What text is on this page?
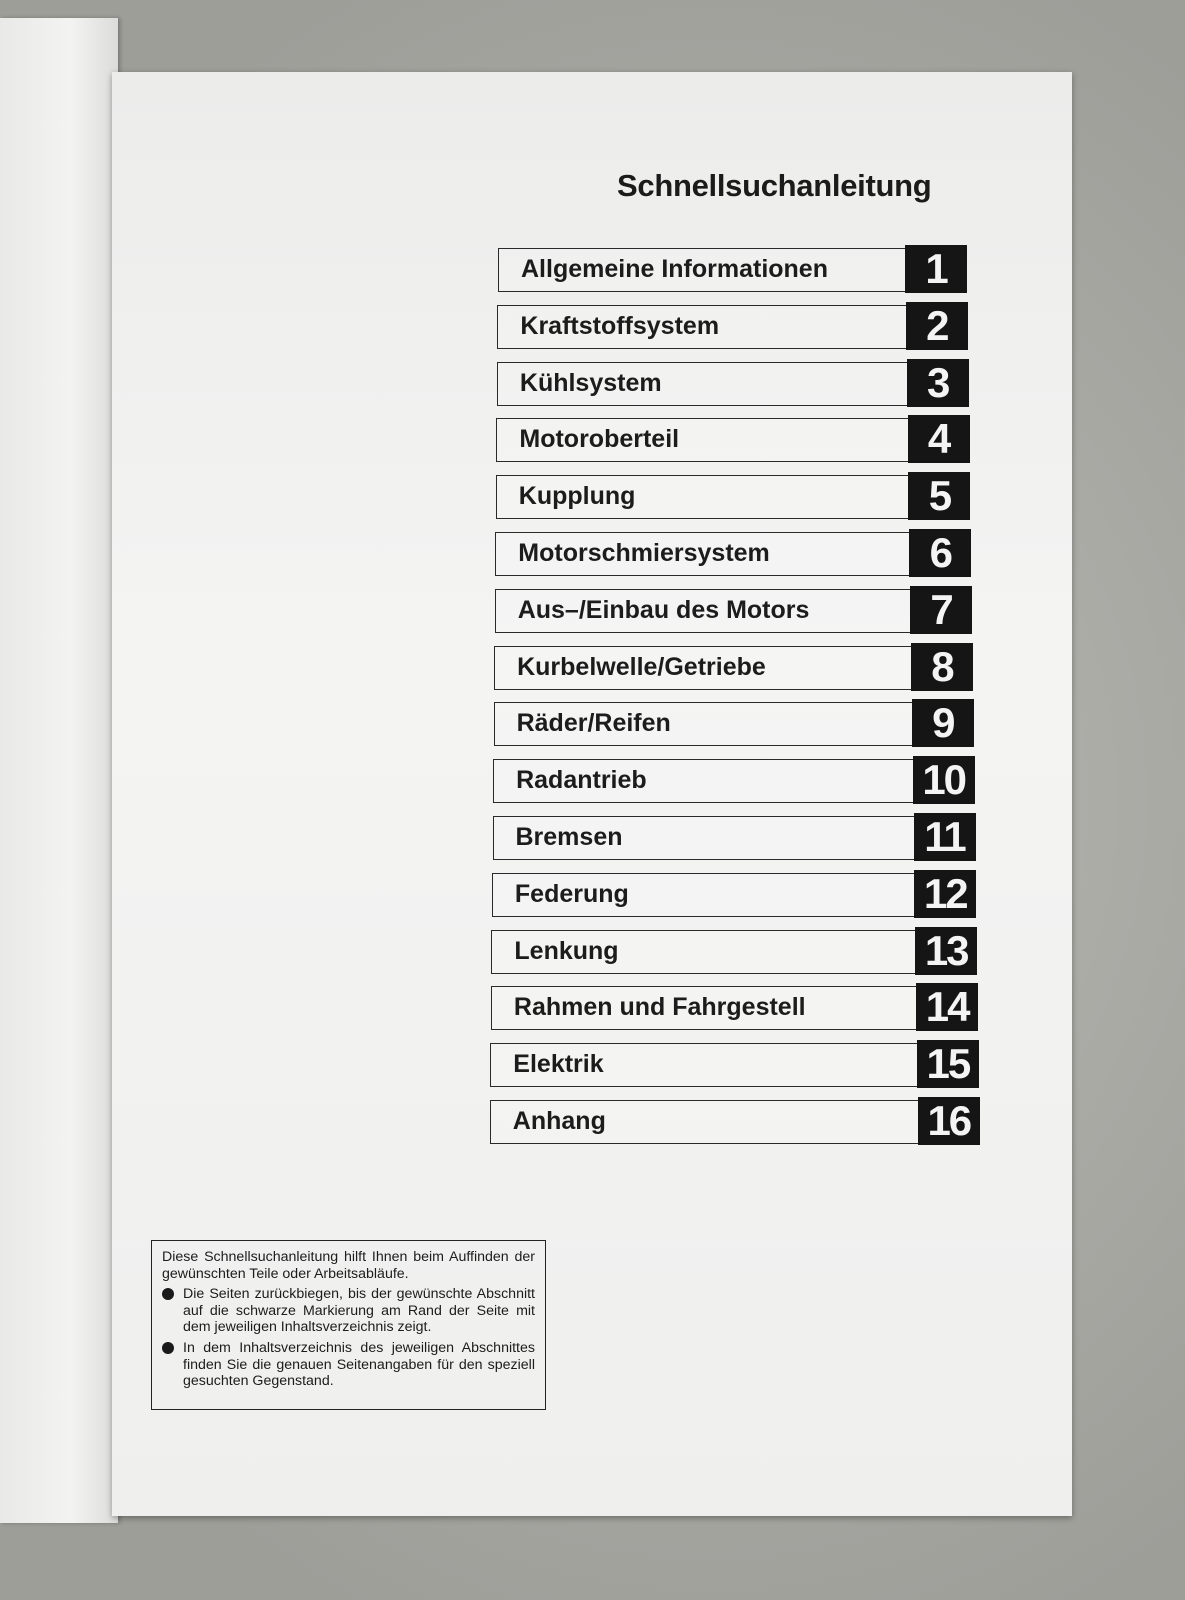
Schnellsuchanleitung
Allgemeine Informationen	1
Kraftstoffsystem	2
Kühlsystem	3
Motoroberteil	4
Kupplung	5
Motorschmiersystem	6
Aus–/Einbau des Motors	7
Kurbelwelle/Getriebe	8
Räder/Reifen	9
Radantrieb	10
Bremsen	11
Federung	12
Lenkung	13
Rahmen und Fahrgestell	14
Elektrik	15
Anhang	16

Diese Schnellsuchanleitung hilft Ihnen beim Auffinden der gewünschten Teile oder Arbeitsabläufe.

Die Seiten zurückbiegen, bis der gewünschte Abschnitt auf die schwarze Markierung am Rand der Seite mit dem jeweiligen Inhaltsverzeichnis zeigt.
In dem Inhaltsverzeichnis des jeweiligen Abschnittes finden Sie die genauen Seitenangaben für den speziell gesuchten Gegenstand.
